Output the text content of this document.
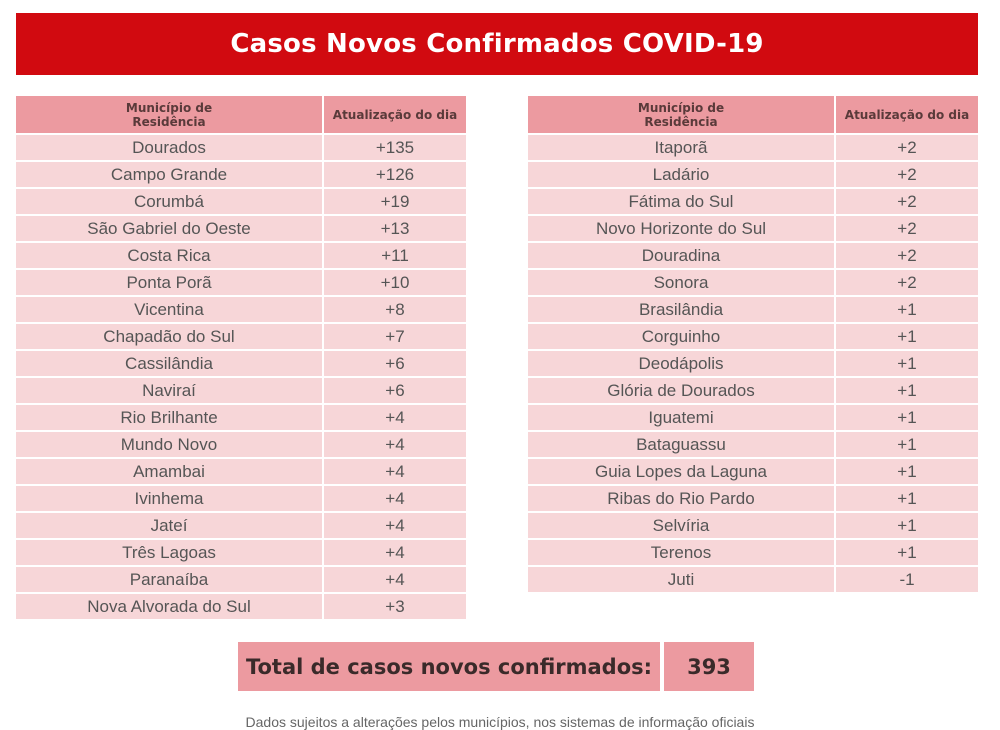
Casos Novos Confirmados COVID-19
Município de
Residência	Atualização do dia
Dourados	+135
Campo Grande	+126
Corumbá	+19
São Gabriel do Oeste	+13
Costa Rica	+11
Ponta Porã	+10
Vicentina	+8
Chapadão do Sul	+7
Cassilândia	+6
Naviraí	+6
Rio Brilhante	+4
Mundo Novo	+4
Amambai	+4
Ivinhema	+4
Jateí	+4
Três Lagoas	+4
Paranaíba	+4
Nova Alvorada do Sul	+3
Município de
Residência	Atualização do dia
Itaporã	+2
Ladário	+2
Fátima do Sul	+2
Novo Horizonte do Sul	+2
Douradina	+2
Sonora	+2
Brasilândia	+1
Corguinho	+1
Deodápolis	+1
Glória de Dourados	+1
Iguatemi	+1
Bataguassu	+1
Guia Lopes da Laguna	+1
Ribas do Rio Pardo	+1
Selvíria	+1
Terenos	+1
Juti	-1
Total de casos novos confirmados:	393
Dados sujeitos a alterações pelos municípios, nos sistemas de informação oficiais
